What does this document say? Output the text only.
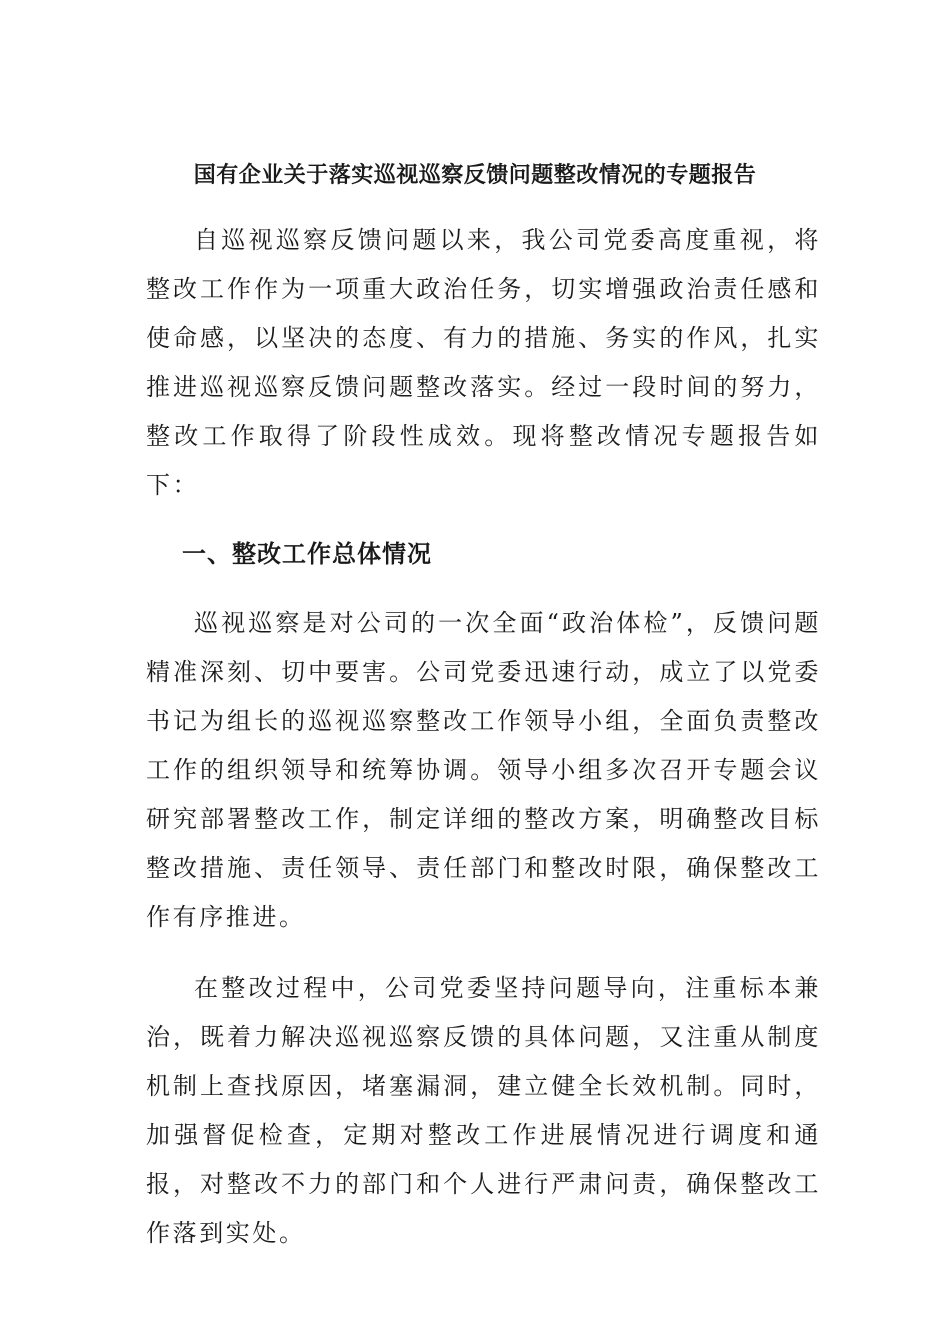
国有企业关于落实巡视巡察反馈问题整改情况的专题报告

自巡视巡察反馈问题以来，我公司党委高度重视，将整改工作作为一项重大政治任务，切实增强政治责任感和使命感，以坚决的态度、有力的措施、务实的作风，扎实推进巡视巡察反馈问题整改落实。经过一段时间的努力，整改工作取得了阶段性成效。现将整改情况专题报告如下：

一、整改工作总体情况

巡视巡察是对公司的一次全面“政治体检”，反馈问题精准深刻、切中要害。公司党委迅速行动，成立了以党委书记为组长的巡视巡察整改工作领导小组，全面负责整改工作的组织领导和统筹协调。领导小组多次召开专题会议研究部署整改工作，制定详细的整改方案，明确整改目标整改措施、责任领导、责任部门和整改时限，确保整改工作有序推进。

在整改过程中，公司党委坚持问题导向，注重标本兼治，既着力解决巡视巡察反馈的具体问题，又注重从制度机制上查找原因，堵塞漏洞，建立健全长效机制。同时，加强督促检查，定期对整改工作进展情况进行调度和通报，对整改不力的部门和个人进行严肃问责，确保整改工作落到实处。
